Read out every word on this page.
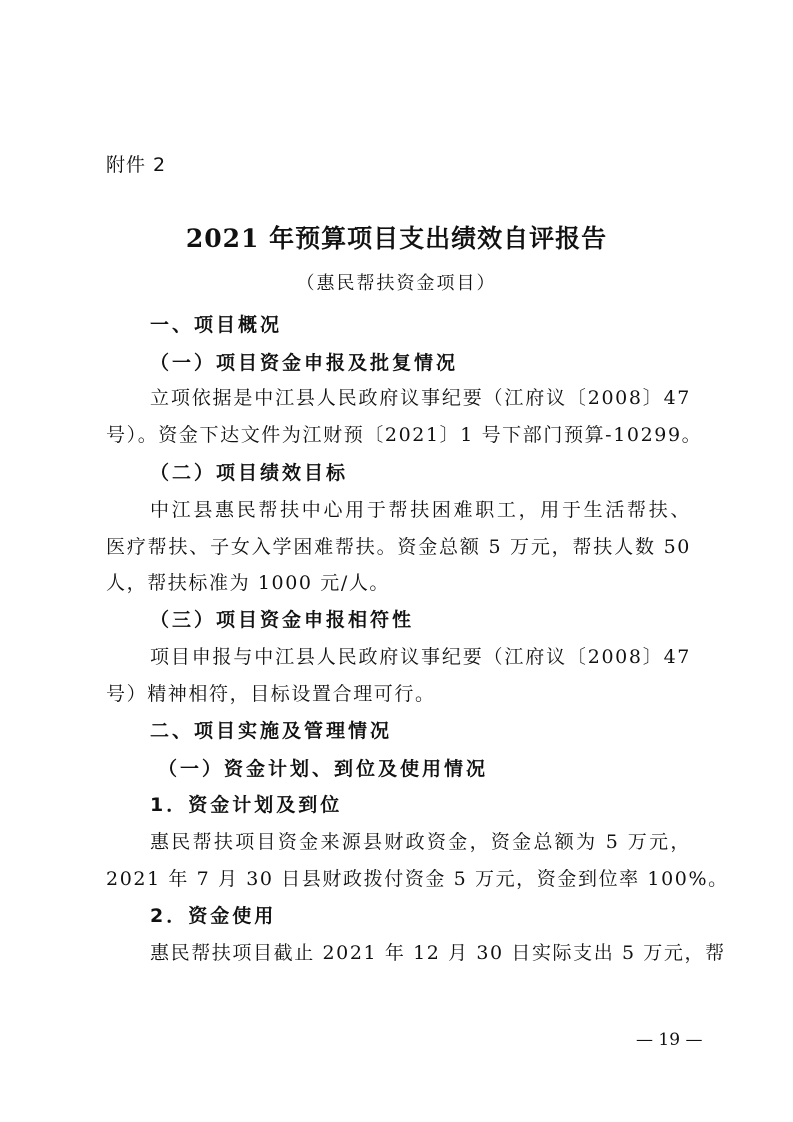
附件 2
2021 年预算项目支出绩效自评报告
（惠民帮扶资金项目）
一、项目概况
（一）项目资金申报及批复情况
立项依据是中江县人民政府议事纪要（江府议〔2008〕47
号）。资金下达文件为江财预〔2021〕1 号下部门预算-10299。
（二）项目绩效目标
中江县惠民帮扶中心用于帮扶困难职工，用于生活帮扶、
医疗帮扶、子女入学困难帮扶。资金总额 5 万元，帮扶人数 50
人，帮扶标准为 1000 元/人。
（三）项目资金申报相符性
项目申报与中江县人民政府议事纪要（江府议〔2008〕47
号）精神相符，目标设置合理可行。
二、项目实施及管理情况
（一）资金计划、到位及使用情况
1．资金计划及到位
惠民帮扶项目资金来源县财政资金，资金总额为 5 万元，
2021 年 7 月 30 日县财政拨付资金 5 万元，资金到位率 100%。
2．资金使用
惠民帮扶项目截止 2021 年 12 月 30 日实际支出 5 万元，帮
— 19 —
